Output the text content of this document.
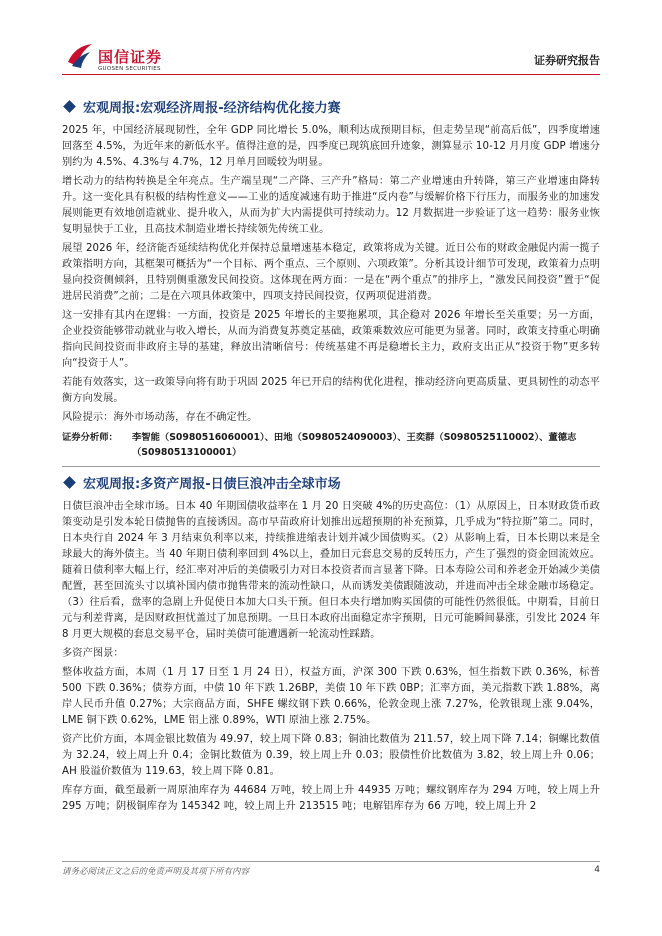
国信证券
GUOSEN SECURITIES
证券研究报告
宏观周报:宏观经济周报-经济结构优化接力赛

2025 年，中国经济展现韧性，全年 GDP 同比增长 5.0%，顺利达成预期目标，但走势呈现“前高后低”，四季度增速回落至 4.5%，为近年来的新低水平。值得注意的是，四季度已现筑底回升迹象，测算显示 10-12 月月度 GDP 增速分别约为 4.5%、4.3%与 4.7%，12 月单月回暖较为明显。

增长动力的结构转换是全年亮点。生产端呈现“二产降、三产升”格局：第二产业增速由升转降，第三产业增速由降转升。这一变化具有积极的结构性意义——工业的适度减速有助于推进“反内卷”与缓解价格下行压力，而服务业的加速发展则能更有效地创造就业、提升收入，从而为扩大内需提供可持续动力。12 月数据进一步验证了这一趋势：服务业恢复明显快于工业，且高技术制造业增长持续领先传统工业。

展望 2026 年，经济能否延续结构优化并保持总量增速基本稳定，政策将成为关键。近日公布的财政金融促内需一揽子政策指明方向，其框架可概括为“一个目标、两个重点、三个原则、六项政策”。分析其设计细节可发现，政策着力点明显向投资侧倾斜，且特别侧重激发民间投资。这体现在两方面：一是在“两个重点”的排序上，“激发民间投资”置于“促进居民消费”之前；二是在六项具体政策中，四项支持民间投资，仅两项促进消费。

这一安排有其内在逻辑：一方面，投资是 2025 年增长的主要拖累项，其企稳对 2026 年增长至关重要；另一方面，企业投资能够带动就业与收入增长，从而为消费复苏奠定基础，政策乘数效应可能更为显著。同时，政策支持重心明确指向民间投资而非政府主导的基建，释放出清晰信号：传统基建不再是稳增长主力，政府支出正从“投资于物”更多转向“投资于人”。

若能有效落实，这一政策导向将有助于巩固 2025 年已开启的结构优化进程，推动经济向更高质量、更具韧性的动态平衡方向发展。

风险提示：海外市场动荡，存在不确定性。

证券分析师： 李智能（S0980516060001）、田地（S0980524090003）、王奕群（S0980525110002）、董德志
（S0980513100001）
宏观周报:多资产周报-日债巨浪冲击全球市场

日债巨浪冲击全球市场。日本 40 年期国债收益率在 1 月 20 日突破 4%的历史高位：（1）从原因上，日本财政货币政策变动是引发本轮日债抛售的直接诱因。高市早苗政府计划推出远超预期的补充预算，几乎成为“特拉斯”第二。同时，日本央行自 2024 年 3 月结束负利率以来，持续推进缩表计划并减少国债购买。（2）从影响上看，日本长期以来是全球最大的海外债主。当 40 年期日债利率回到 4%以上，叠加日元套息交易的反转压力，产生了强烈的资金回流效应。随着日债利率大幅上行，经汇率对冲后的美债吸引力对日本投资者而言显著下降。日本寿险公司和养老金开始减少美债配置，甚至回流头寸以填补国内债市抛售带来的流动性缺口，从而诱发美债跟随波动，并进而冲击全球金融市场稳定。（3）往后看，盘率的急剧上升促使日本加大口头干预。但日本央行增加购买国债的可能性仍然很低。中期看，目前日元与利差背离，是因财政担忧盖过了加息预期。一旦日本政府出面稳定赤字预期，日元可能瞬间暴涨，引发比 2024 年 8 月更大规模的套息交易平仓，届时美债可能遭遇新一轮流动性踩踏。

多资产图景：

整体收益方面，本周（1 月 17 日至 1 月 24 日），权益方面，沪深 300 下跌 0.63%，恒生指数下跌 0.36%，标普 500 下跌 0.36%；债券方面，中债 10 年下跌 1.26BP，美债 10 年下跌 0BP；汇率方面，美元指数下跌 1.88%，离岸人民币升值 0.27%；大宗商品方面，SHFE 螺纹钢下跌 0.66%，伦敦金现上涨 7.27%，伦敦银现上涨 9.04%，LME 铜下跌 0.62%，LME 铝上涨 0.89%，WTI 原油上涨 2.75%。

资产比价方面，本周金银比数值为 49.97，较上周下降 0.83；铜油比数值为 211.57，较上周下降 7.14；铜螺比数值为 32.24，较上周上升 0.4；金铜比数值为 0.39，较上周上升 0.03；股债性价比数值为 3.82，较上周上升 0.06；AH 股溢价数值为 119.63，较上周下降 0.81。

库存方面，截至最新一周原油库存为 44684 万吨，较上周上升 44935 万吨；螺纹钢库存为 294 万吨，较上周上升 295 万吨；阴极铜库存为 145342 吨，较上周上升 213515 吨；电解铝库存为 66 万吨，较上周上升 2

请务必阅读正文之后的免责声明及其项下所有内容	4
